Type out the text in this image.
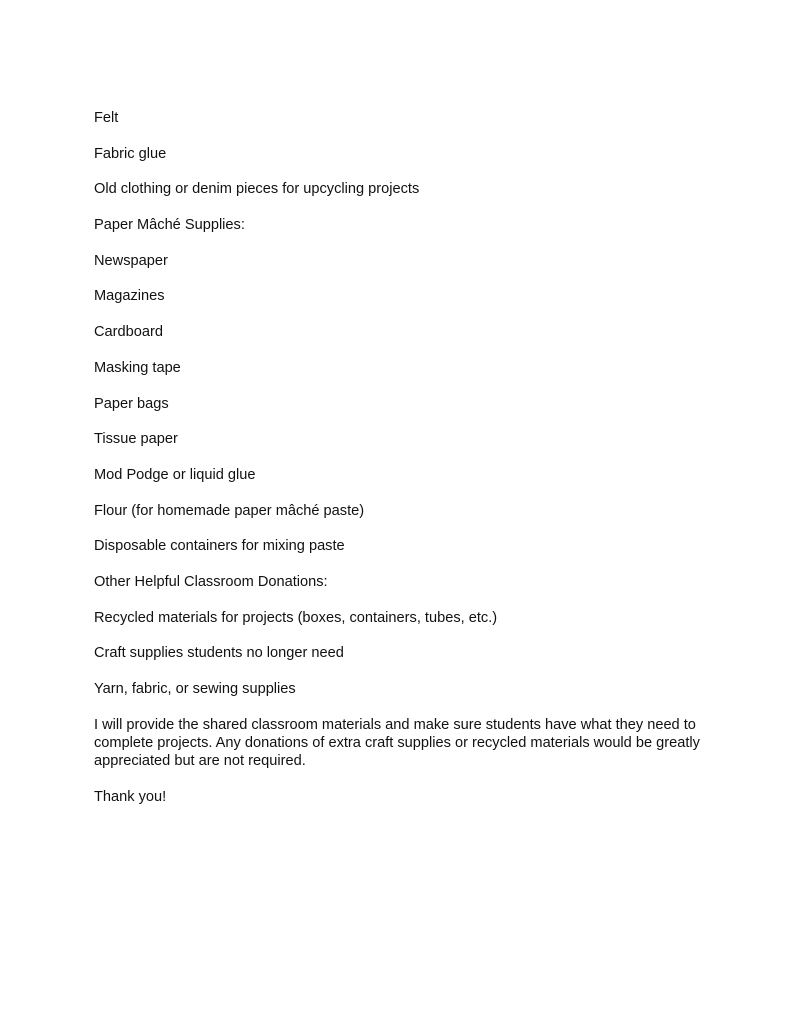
Felt

Fabric glue

Old clothing or denim pieces for upcycling projects

Paper Mâché Supplies:

Newspaper

Magazines

Cardboard

Masking tape

Paper bags

Tissue paper

Mod Podge or liquid glue

Flour (for homemade paper mâché paste)

Disposable containers for mixing paste

Other Helpful Classroom Donations:

Recycled materials for projects (boxes, containers, tubes, etc.)

Craft supplies students no longer need

Yarn, fabric, or sewing supplies

I will provide the shared classroom materials and make sure students have what they need to complete projects. Any donations of extra craft supplies or recycled materials would be greatly appreciated but are not required.

Thank you!
